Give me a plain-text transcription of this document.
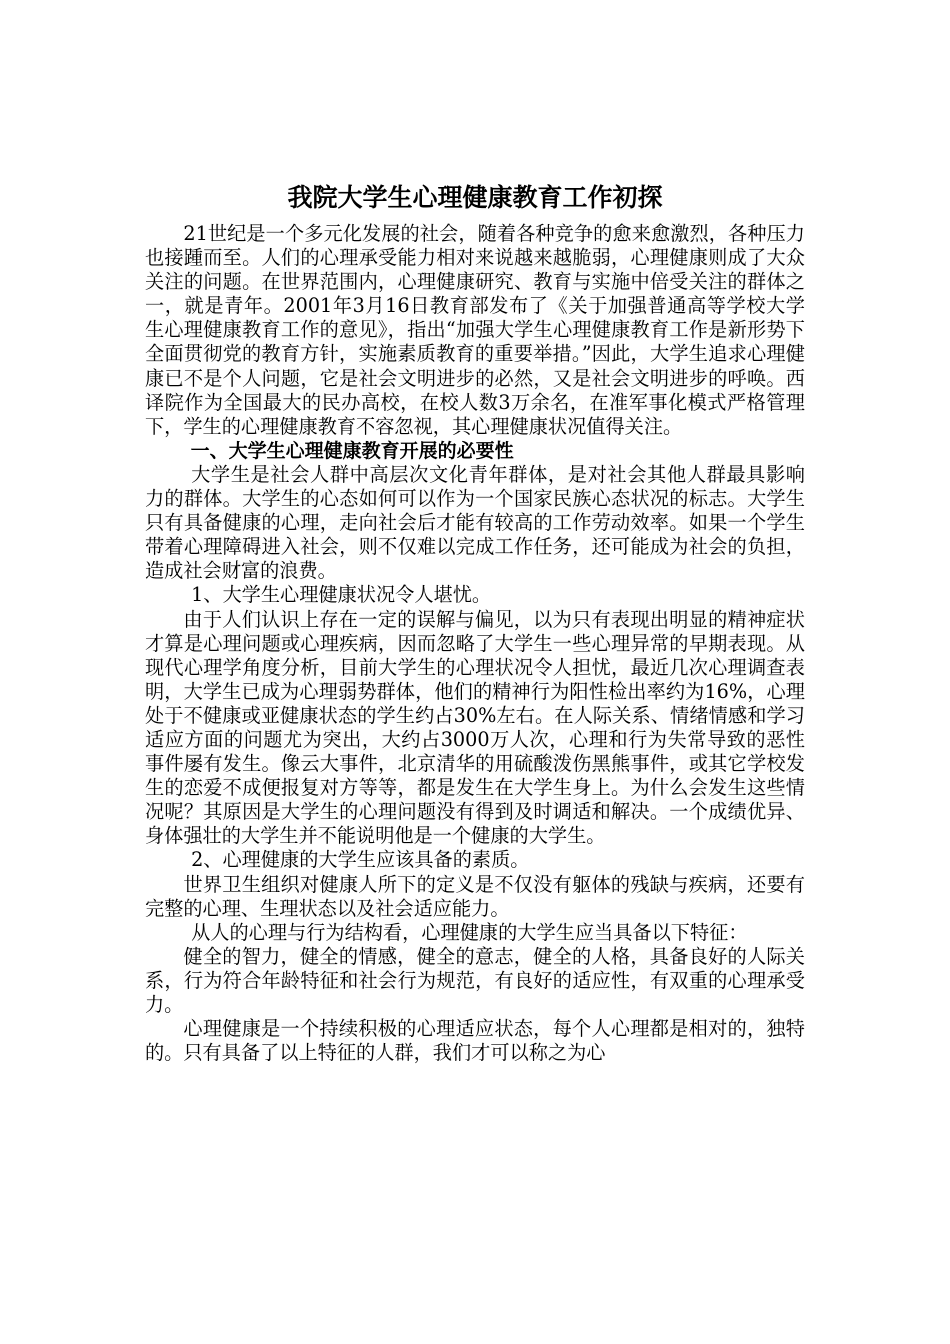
我院大学生心理健康教育工作初探

21世纪是一个多元化发展的社会，随着各种竞争的愈来愈激烈，各种压力也接踵而至。人们的心理承受能力相对来说越来越脆弱，心理健康则成了大众关注的问题。在世界范围内，心理健康研究、教育与实施中倍受关注的群体之一，就是青年。2001年3月16日教育部发布了《关于加强普通高等学校大学生心理健康教育工作的意见》，指出“加强大学生心理健康教育工作是新形势下全面贯彻党的教育方针，实施素质教育的重要举措。”因此，大学生追求心理健康已不是个人问题，它是社会文明进步的必然，又是社会文明进步的呼唤。西译院作为全国最大的民办高校，在校人数3万余名，在准军事化模式严格管理下，学生的心理健康教育不容忽视，其心理健康状况值得关注。

一、大学生心理健康教育开展的必要性

大学生是社会人群中高层次文化青年群体，是对社会其他人群最具影响力的群体。大学生的心态如何可以作为一个国家民族心态状况的标志。大学生只有具备健康的心理，走向社会后才能有较高的工作劳动效率。如果一个学生带着心理障碍进入社会，则不仅难以完成工作任务，还可能成为社会的负担，造成社会财富的浪费。

1、大学生心理健康状况令人堪忧。

由于人们认识上存在一定的误解与偏见，以为只有表现出明显的精神症状才算是心理问题或心理疾病，因而忽略了大学生一些心理异常的早期表现。从现代心理学角度分析，目前大学生的心理状况令人担忧，最近几次心理调查表明，大学生已成为心理弱势群体，他们的精神行为阳性检出率约为16%，心理处于不健康或亚健康状态的学生约占30%左右。在人际关系、情绪情感和学习适应方面的问题尤为突出，大约占3000万人次，心理和行为失常导致的恶性事件屡有发生。像云大事件，北京清华的用硫酸泼伤黑熊事件，或其它学校发生的恋爱不成便报复对方等等，都是发生在大学生身上。为什么会发生这些情况呢？其原因是大学生的心理问题没有得到及时调适和解决。一个成绩优异、身体强壮的大学生并不能说明他是一个健康的大学生。

2、心理健康的大学生应该具备的素质。

世界卫生组织对健康人所下的定义是不仅没有躯体的残缺与疾病，还要有完整的心理、生理状态以及社会适应能力。

从人的心理与行为结构看，心理健康的大学生应当具备以下特征：

健全的智力，健全的情感，健全的意志，健全的人格，具备良好的人际关系，行为符合年龄特征和社会行为规范，有良好的适应性，有双重的心理承受力。

心理健康是一个持续积极的心理适应状态，每个人心理都是相对的，独特的。只有具备了以上特征的人群，我们才可以称之为心
